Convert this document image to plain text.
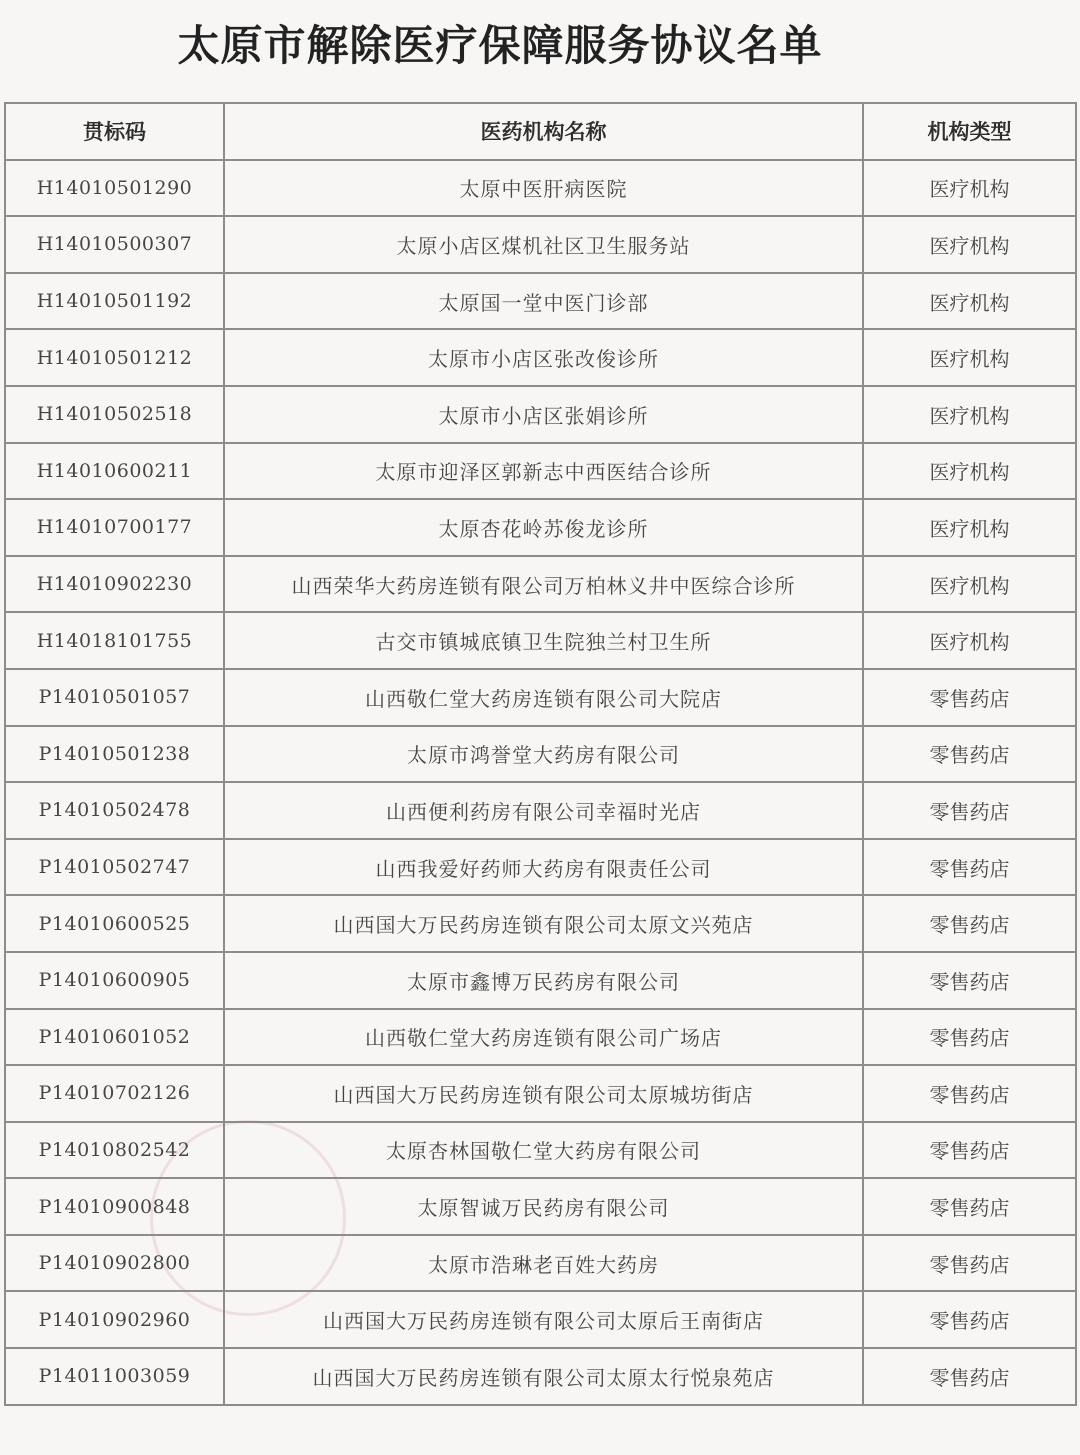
太原市解除医疗保障服务协议名单
贯标码	医药机构名称	机构类型
H14010501290	太原中医肝病医院	医疗机构
H14010500307	太原小店区煤机社区卫生服务站	医疗机构
H14010501192	太原国一堂中医门诊部	医疗机构
H14010501212	太原市小店区张改俊诊所	医疗机构
H14010502518	太原市小店区张娟诊所	医疗机构
H14010600211	太原市迎泽区郭新志中西医结合诊所	医疗机构
H14010700177	太原杏花岭苏俊龙诊所	医疗机构
H14010902230	山西荣华大药房连锁有限公司万柏林义井中医综合诊所	医疗机构
H14018101755	古交市镇城底镇卫生院独兰村卫生所	医疗机构
P14010501057	山西敬仁堂大药房连锁有限公司大院店	零售药店
P14010501238	太原市鸿誉堂大药房有限公司	零售药店
P14010502478	山西便利药房有限公司幸福时光店	零售药店
P14010502747	山西我爱好药师大药房有限责任公司	零售药店
P14010600525	山西国大万民药房连锁有限公司太原文兴苑店	零售药店
P14010600905	太原市鑫博万民药房有限公司	零售药店
P14010601052	山西敬仁堂大药房连锁有限公司广场店	零售药店
P14010702126	山西国大万民药房连锁有限公司太原城坊街店	零售药店
P14010802542	太原杏林国敬仁堂大药房有限公司	零售药店
P14010900848	太原智诚万民药房有限公司	零售药店
P14010902800	太原市浩琳老百姓大药房	零售药店
P14010902960	山西国大万民药房连锁有限公司太原后王南街店	零售药店
P14011003059	山西国大万民药房连锁有限公司太原太行悦泉苑店	零售药店
